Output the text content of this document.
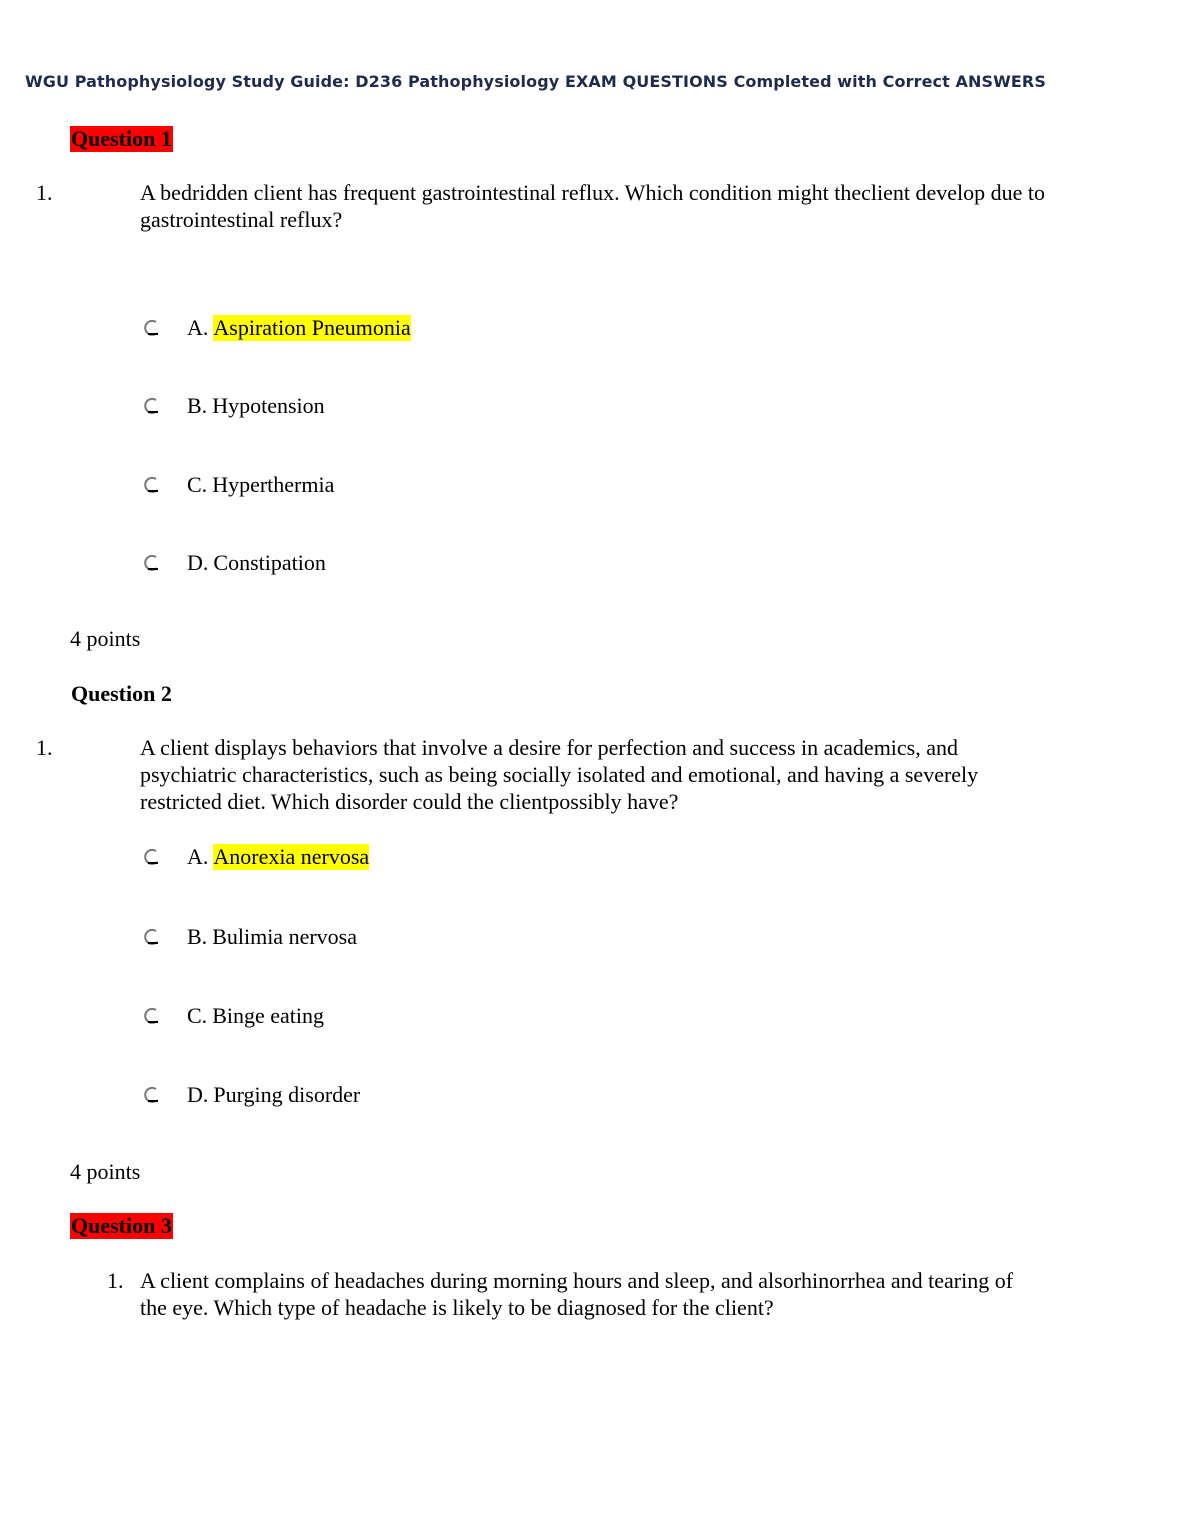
WGU Pathophysiology Study Guide: D236 Pathophysiology EXAM QUESTIONS Completed with Correct ANSWERS
Question 1
1.	A bedridden client has frequent gastrointestinal reflux. Which condition might theclient develop due to gastrointestinal reflux?
A. Aspiration Pneumonia
B. Hypotension
C. Hyperthermia
D. Constipation
4 points
Question 2
1.	A client displays behaviors that involve a desire for perfection and success in academics, and psychiatric characteristics, such as being socially isolated and emotional, and having a severely restricted diet. Which disorder could the clientpossibly have?
A. Anorexia nervosa
B. Bulimia nervosa
C. Binge eating
D. Purging disorder
4 points
Question 3
1. A client complains of headaches during morning hours and sleep, and alsorhinorrhea and tearing of the eye. Which type of headache is likely to be diagnosed for the client?
